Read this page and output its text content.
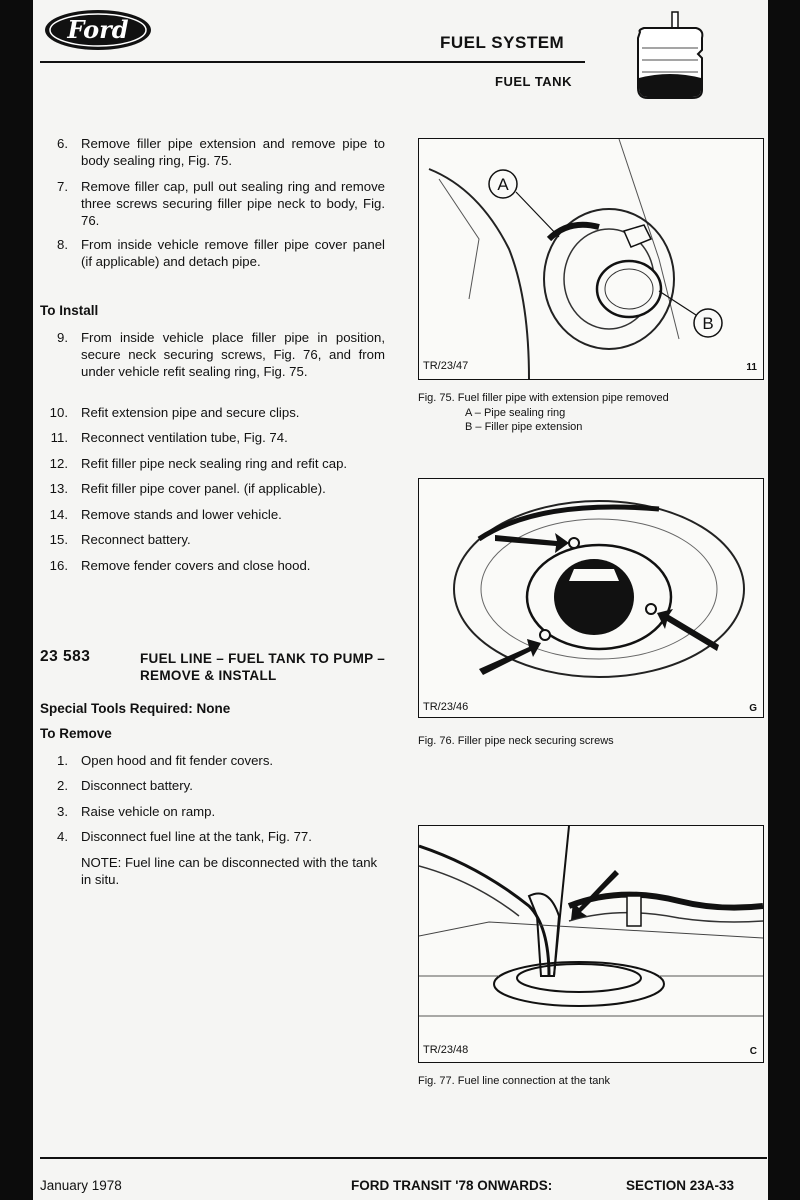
Ford	FUEL SYSTEM
FUEL TANK
6. Remove filler pipe extension and remove pipe to body sealing ring, Fig. 75.
7. Remove filler cap, pull out sealing ring and remove three screws securing filler pipe neck to body, Fig. 76.
8. From inside vehicle remove filler pipe cover panel (if applicable) and detach pipe.
To Install
9. From inside vehicle place filler pipe in position, secure neck securing screws, Fig. 76, and from under vehicle refit sealing ring, Fig. 75.
10. Refit extension pipe and secure clips.
11. Reconnect ventilation tube, Fig. 74.
12. Refit filler pipe neck sealing ring and refit cap.
13. Refit filler pipe cover panel. (if applicable).
14. Remove stands and lower vehicle.
15. Reconnect battery.
16. Remove fender covers and close hood.
23 583	FUEL LINE – FUEL TANK TO PUMP – REMOVE & INSTALL
Special Tools Required: None
To Remove
1. Open hood and fit fender covers.
2. Disconnect battery.
3. Raise vehicle on ramp.
4. Disconnect fuel line at the tank, Fig. 77.
NOTE: Fuel line can be disconnected with the tank in situ.
A
B
TR/23/47	11
Fig. 75. Fuel filler pipe with extension pipe removed
A – Pipe sealing ring
B – Filler pipe extension
TR/23/46	G
Fig. 76. Filler pipe neck securing screws
TR/23/48	C
Fig. 77. Fuel line connection at the tank
January 1978	FORD TRANSIT '78 ONWARDS:	SECTION 23A-33
